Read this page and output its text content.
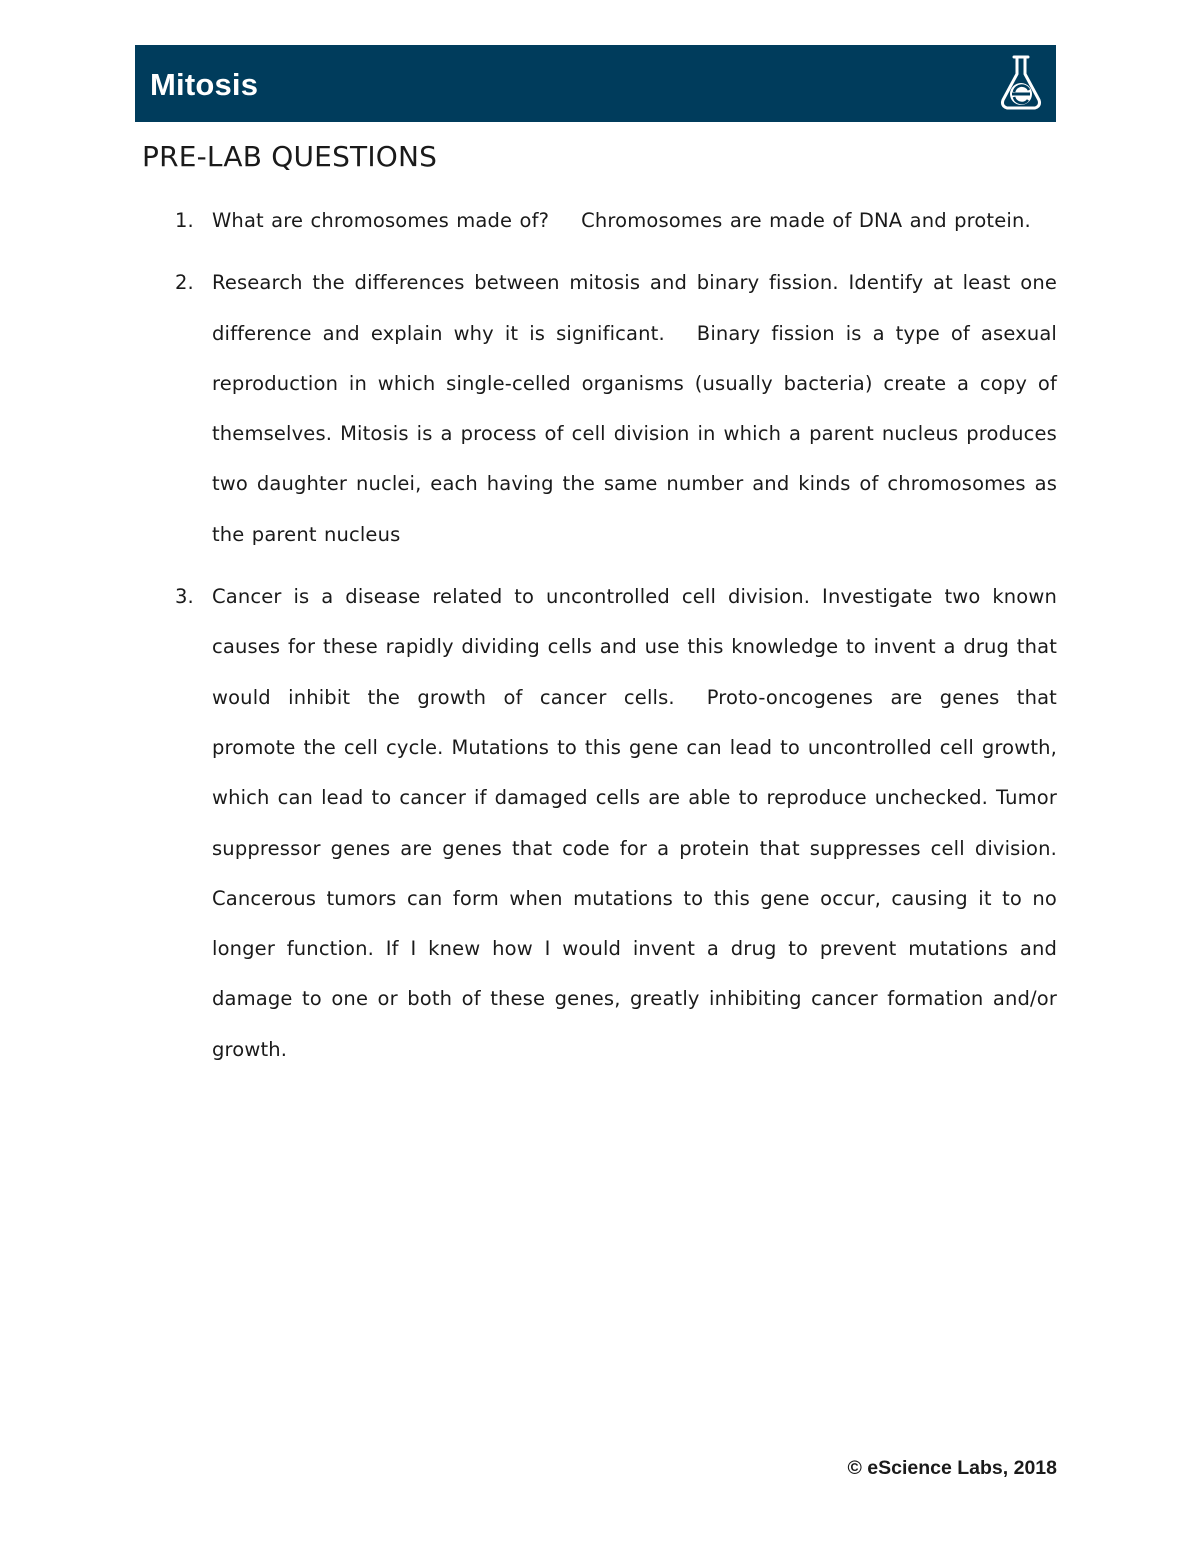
Mitosis
PRE-LAB QUESTIONS
1. What are chromosomes made of? Chromosomes are made of DNA and protein.
2. Research the differences between mitosis and binary fission. Identify at least one difference and explain why it is significant. Binary fission is a type of asexual reproduction in which single-celled organisms (usually bacteria) create a copy of themselves. Mitosis is a process of cell division in which a parent nucleus produces two daughter nuclei, each having the same number and kinds of chromosomes as the parent nucleus
3. Cancer is a disease related to uncontrolled cell division. Investigate two known causes for these rapidly dividing cells and use this knowledge to invent a drug that would inhibit the growth of cancer cells. Proto-oncogenes are genes that promote the cell cycle. Mutations to this gene can lead to uncontrolled cell growth, which can lead to cancer if damaged cells are able to reproduce unchecked. Tumor suppressor genes are genes that code for a protein that suppresses cell division. Cancerous tumors can form when mutations to this gene occur, causing it to no longer function. If I knew how I would invent a drug to prevent mutations and damage to one or both of these genes, greatly inhibiting cancer formation and/or growth.
© eScience Labs, 2018
